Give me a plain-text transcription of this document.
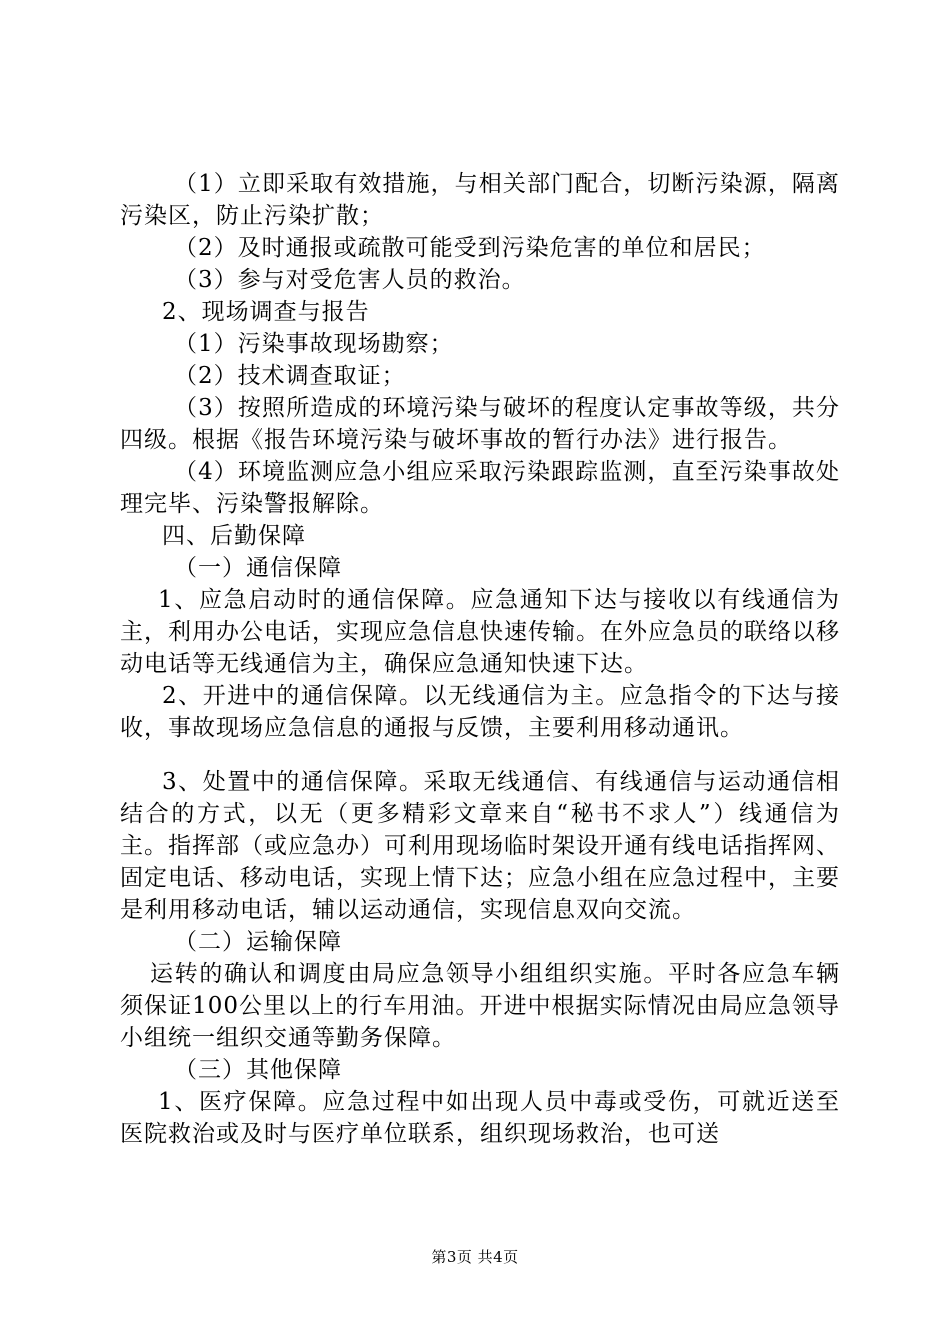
（1）立即采取有效措施，与相关部门配合，切断污染源，隔离污染区，防止污染扩散；

（2）及时通报或疏散可能受到污染危害的单位和居民；

（3）参与对受危害人员的救治。

2、现场调查与报告

（1）污染事故现场勘察；

（2）技术调查取证；

（3）按照所造成的环境污染与破坏的程度认定事故等级，共分四级。根据《报告环境污染与破坏事故的暂行办法》进行报告。

（4）环境监测应急小组应采取污染跟踪监测，直至污染事故处理完毕、污染警报解除。

四、后勤保障

（一）通信保障

1、应急启动时的通信保障。应急通知下达与接收以有线通信为主，利用办公电话，实现应急信息快速传输。在外应急员的联络以移动电话等无线通信为主，确保应急通知快速下达。

2、开进中的通信保障。以无线通信为主。应急指令的下达与接收，事故现场应急信息的通报与反馈，主要利用移动通讯。

3、处置中的通信保障。采取无线通信、有线通信与运动通信相结合的方式，以无（更多精彩文章来自“秘书不求人”）线通信为主。指挥部（或应急办）可利用现场临时架设开通有线电话指挥网、固定电话、移动电话，实现上情下达；应急小组在应急过程中，主要是利用移动电话，辅以运动通信，实现信息双向交流。

（二）运输保障

运转的确认和调度由局应急领导小组组织实施。平时各应急车辆须保证100公里以上的行车用油。开进中根据实际情况由局应急领导小组统一组织交通等勤务保障。

（三）其他保障

1、医疗保障。应急过程中如出现人员中毒或受伤，可就近送至医院救治或及时与医疗单位联系，组织现场救治，也可送

第3页 共4页
